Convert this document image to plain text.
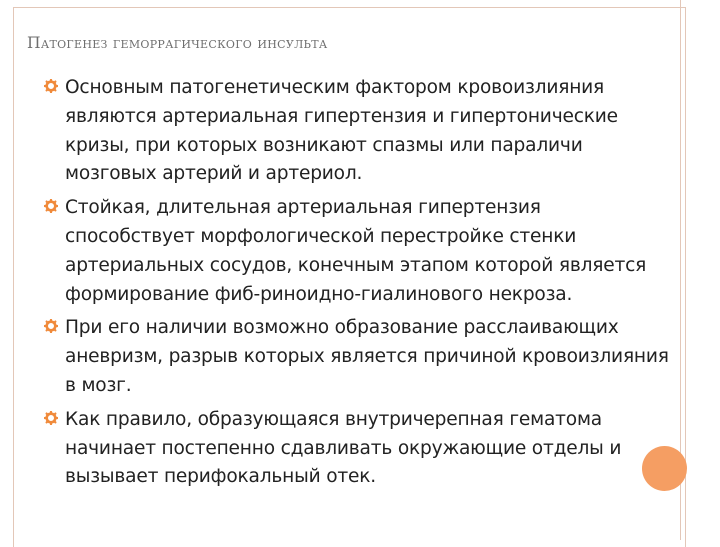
Патогенез геморрагического инсульта
Основным патогенетическим фактором кровоизлияния являются артериальная гипертензия и гипертонические кризы, при которых возникают спазмы или параличи мозговых артерий и артериол.
Стойкая, длительная артериальная гипертензия способствует морфологической перестройке стенки артериальных сосудов, конечным этапом которой является формирование фиб-риноидно-гиалинового некроза.
При его наличии возможно образование расслаивающих аневризм, разрыв которых является причиной кровоизлияния в мозг.
Как правило, образующаяся внутричерепная гематома начинает постепенно сдавливать окружающие отделы и вызывает перифокальный отек.
